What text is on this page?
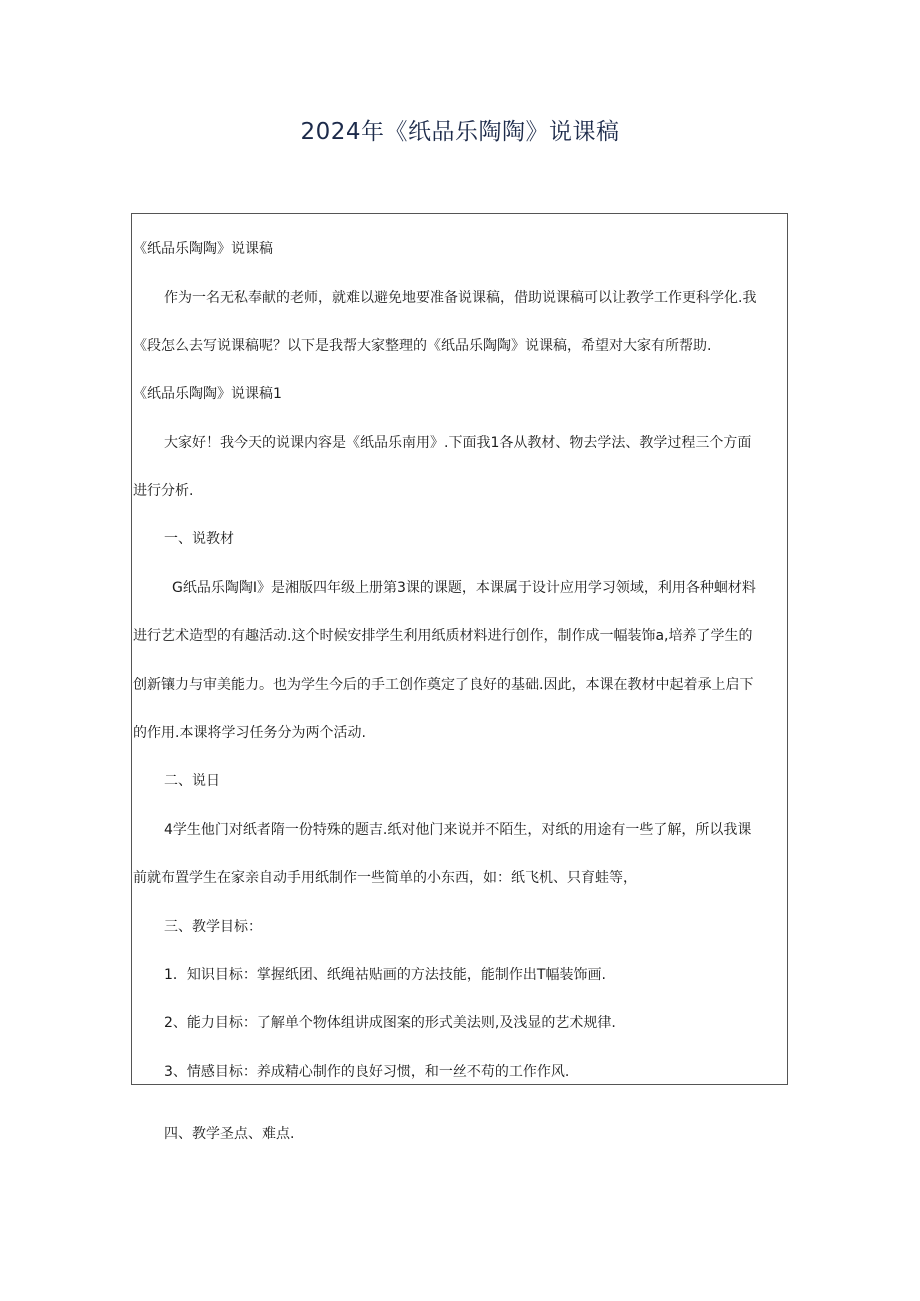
2024年《纸品乐陶陶》说课稿
《纸品乐陶陶》说课稿
作为一名无私奉献的老师，就难以避免地要准备说课稿，借助说课稿可以让教学工作更科学化.我
《段怎么去写说课稿呢？以下是我帮大家整理的《纸品乐陶陶》说课稿，希望对大家有所帮助.
《纸品乐陶陶》说课稿1
大家好！我今天的说课内容是《纸品乐南用》.下面我1各从教材、物去学法、教学过程三个方面
进行分析.
一、说教材
G纸品乐陶陶I》是湘版四年级上册第3课的课题，本课属于设计应用学习领域，利用各种蛔材料
进行艺术造型的有趣活动.这个时候安排学生利用纸质材料进行创作，制作成一幅装饰a,培养了学生的
创新镶力与审美能力。也为学生今后的手工创作奠定了良好的基础.因此，本课在教材中起着承上启下
的作用.本课将学习任务分为两个活动.
二、说日
4学生他门对纸者隋一份特殊的题吉.纸对他门来说并不陌生，对纸的用途有一些了解，所以我课
前就布置学生在家亲自动手用纸制作一些简单的小东西，如：纸飞机、只育蛙等，
三、教学目标：
1．知识目标：掌握纸团、纸绳祜贴画的方法技能，能制作出T幅装饰画.
2、能力目标：了解单个物体组讲成图案的形式美法则,及浅显的艺术规律.
3、情感目标：养成精心制作的良好习惯，和一丝不苟的工作作风.
四、教学圣点、难点.
